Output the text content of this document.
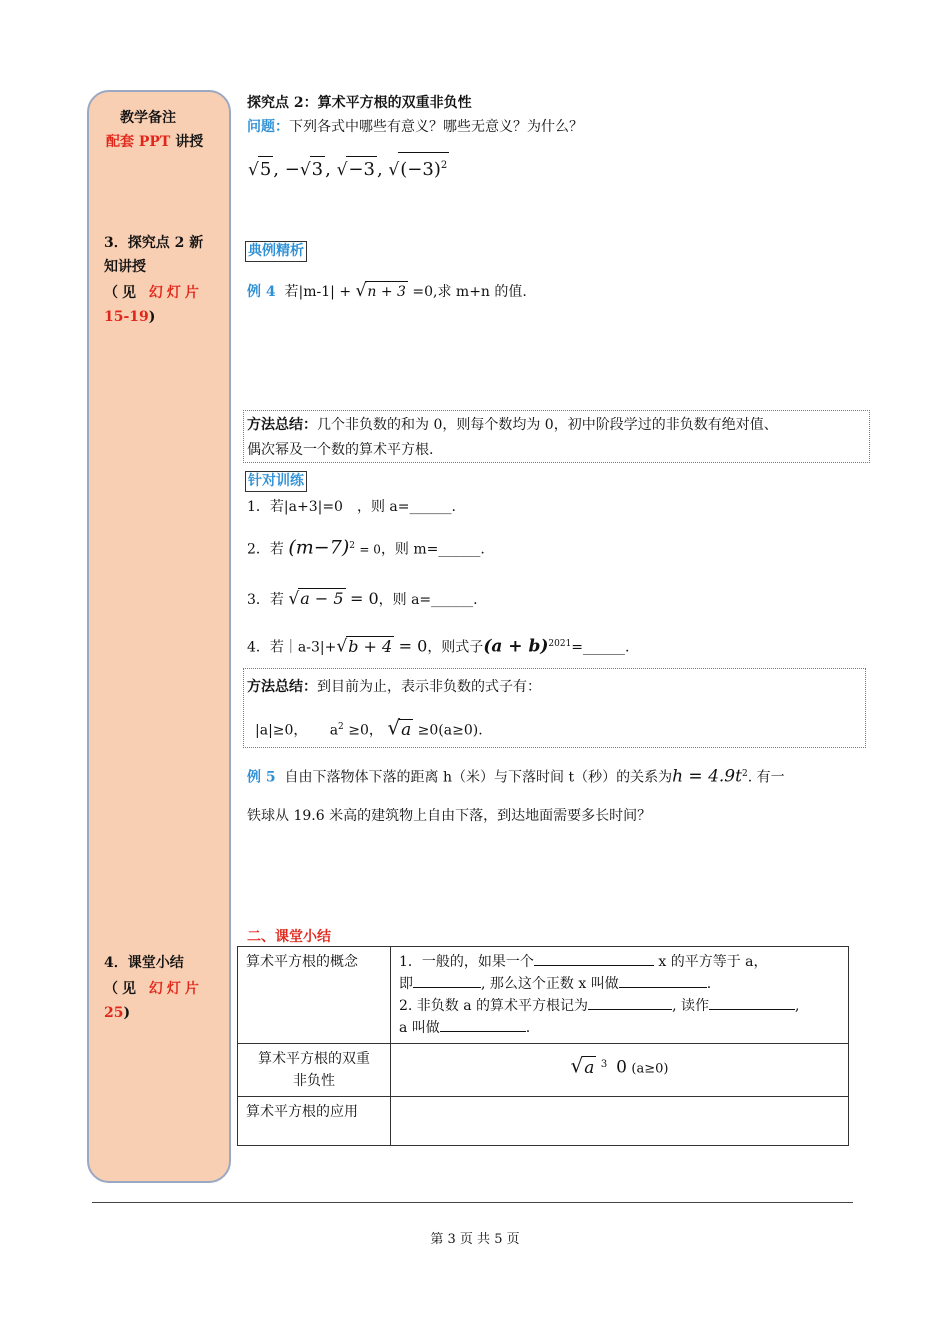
教学备注
配套 PPT 讲授
3．探究点 2 新
知讲授
（见 幻灯片
15-19)
4．课堂小结
（见 幻灯片
25)
探究点 2：算术平方根的双重非负性
问题：下列各式中哪些有意义？哪些无意义？为什么？
√5 , −√3 , √−3 , $√(-3)^2$
典例精析
例 4 若|m-1| + √n + 3 =0,求 m+n 的值.
方法总结：几个非负数的和为 0，则每个数均为 0，初中阶段学过的非负数有绝对值、
偶次幂及一个数的算术平方根.
针对训练
1．若|a+3|=0　，则 a=______.
2．若 $(m-7)^2 = 0$，则 m=______.
3．若 √a − 5 = 0，则 a=______.
4．若｜a-3|+√b + 4 = 0，则式子$(a + b)^{2021}=\_\_\_\_\_\_$.
方法总结：到目前为止，表示非负数的式子有：
|a|≥0， $a^2 \ge 0$， √a ≥0(a≥0).
例 5 自由下落物体下落的距离 h（米）与下落时间 t（秒）的关系为$h = 4.9t^2$. 有一
铁球从 19.6 米高的建筑物上自由下落，到达地面需要多长时间？
二、课堂小结
算术平方根的概念	1．一般的，如果一个 x 的平方等于 a，
即 , 那么这个正数 x 叫做 .
2. 非负数 a 的算术平方根记为 , 读作 ,
a 叫做 .

算术平方根的双重
非负性	√a $^3$ 0 (a≥0)
算术平方根的应用	
第 3 页 共 5 页
